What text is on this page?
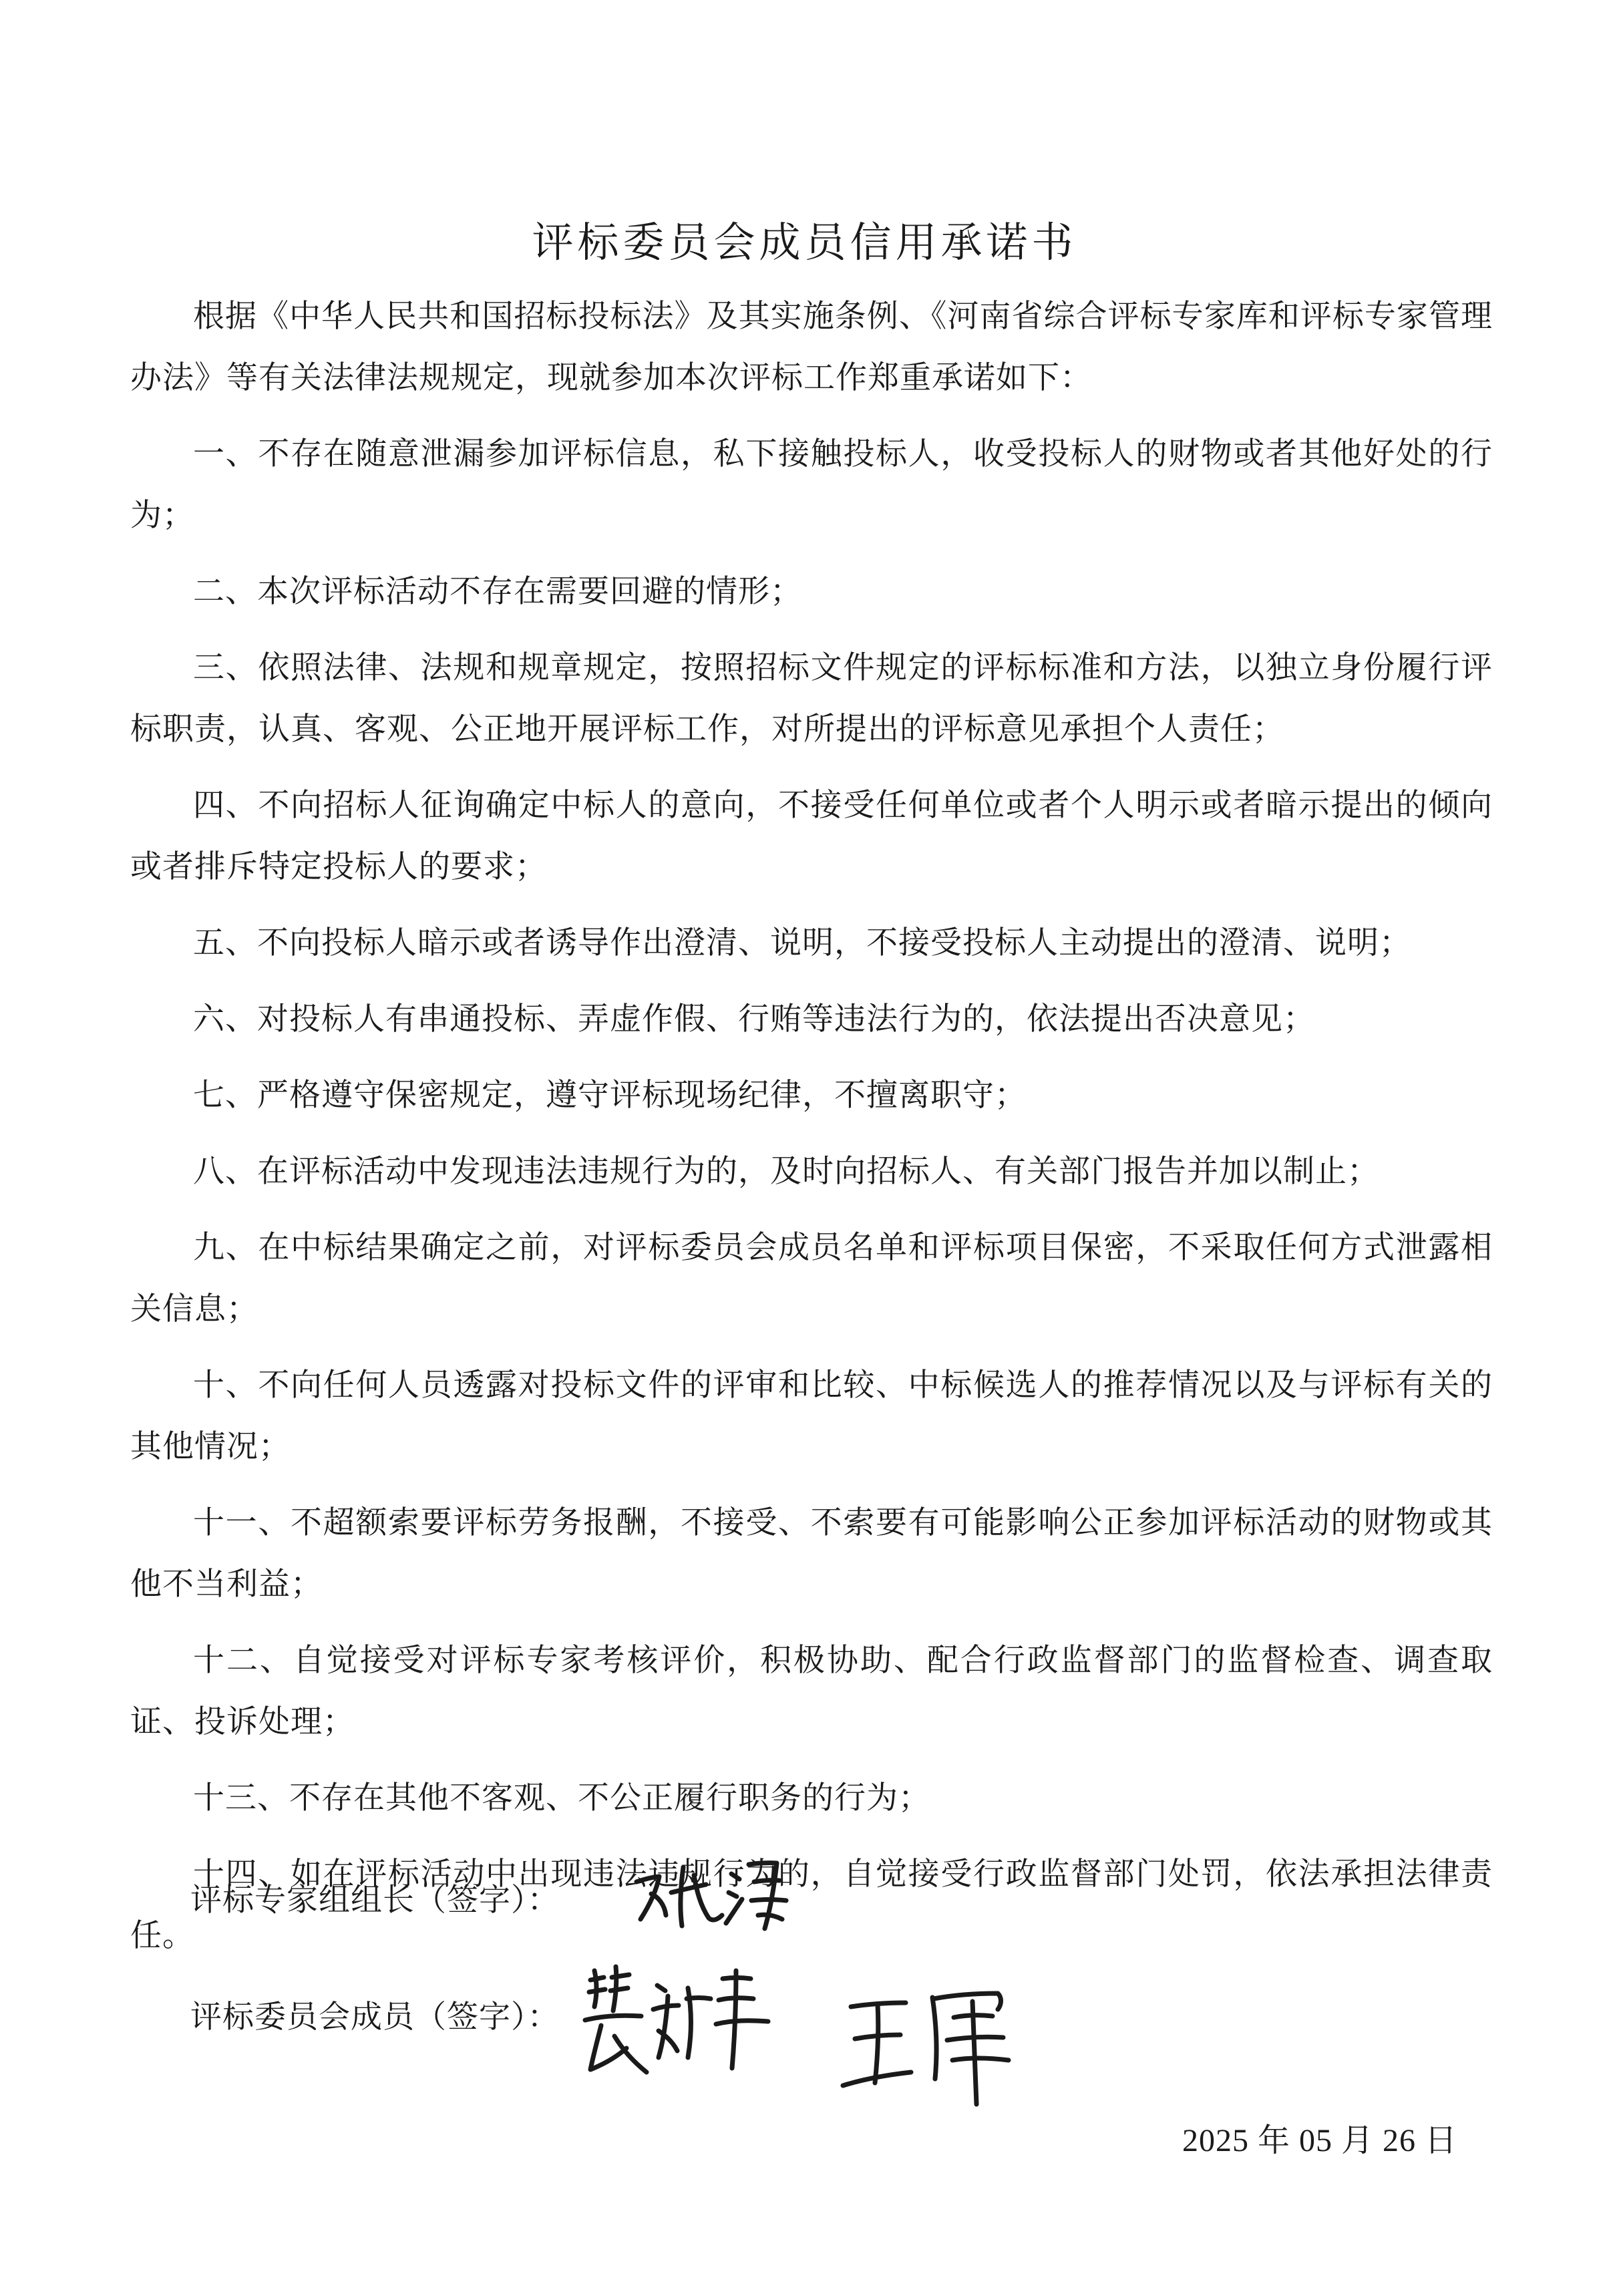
评标委员会成员信用承诺书

根据《中华人民共和国招标投标法》及其实施条例、《河南省综合评标专家库和评标专家管理办法》等有关法律法规规定，现就参加本次评标工作郑重承诺如下：

一、不存在随意泄漏参加评标信息，私下接触投标人，收受投标人的财物或者其他好处的行为；

二、本次评标活动不存在需要回避的情形；

三、依照法律、法规和规章规定，按照招标文件规定的评标标准和方法，以独立身份履行评标职责，认真、客观、公正地开展评标工作，对所提出的评标意见承担个人责任；

四、不向招标人征询确定中标人的意向，不接受任何单位或者个人明示或者暗示提出的倾向或者排斥特定投标人的要求；

五、不向投标人暗示或者诱导作出澄清、说明，不接受投标人主动提出的澄清、说明；

六、对投标人有串通投标、弄虚作假、行贿等违法行为的，依法提出否决意见；

七、严格遵守保密规定，遵守评标现场纪律，不擅离职守；

八、在评标活动中发现违法违规行为的，及时向招标人、有关部门报告并加以制止；

九、在中标结果确定之前，对评标委员会成员名单和评标项目保密，不采取任何方式泄露相关信息；

十、不向任何人员透露对投标文件的评审和比较、中标候选人的推荐情况以及与评标有关的其他情况；

十一、不超额索要评标劳务报酬，不接受、不索要有可能影响公正参加评标活动的财物或其他不当利益；

十二、自觉接受对评标专家考核评价，积极协助、配合行政监督部门的监督检查、调查取证、投诉处理；

十三、不存在其他不客观、不公正履行职务的行为；

十四、如在评标活动中出现违法违规行为的，自觉接受行政监督部门处罚，依法承担法律责任。

评标专家组组长（签字）：
评标委员会成员（签字）：
2025 年 05 月 26 日
